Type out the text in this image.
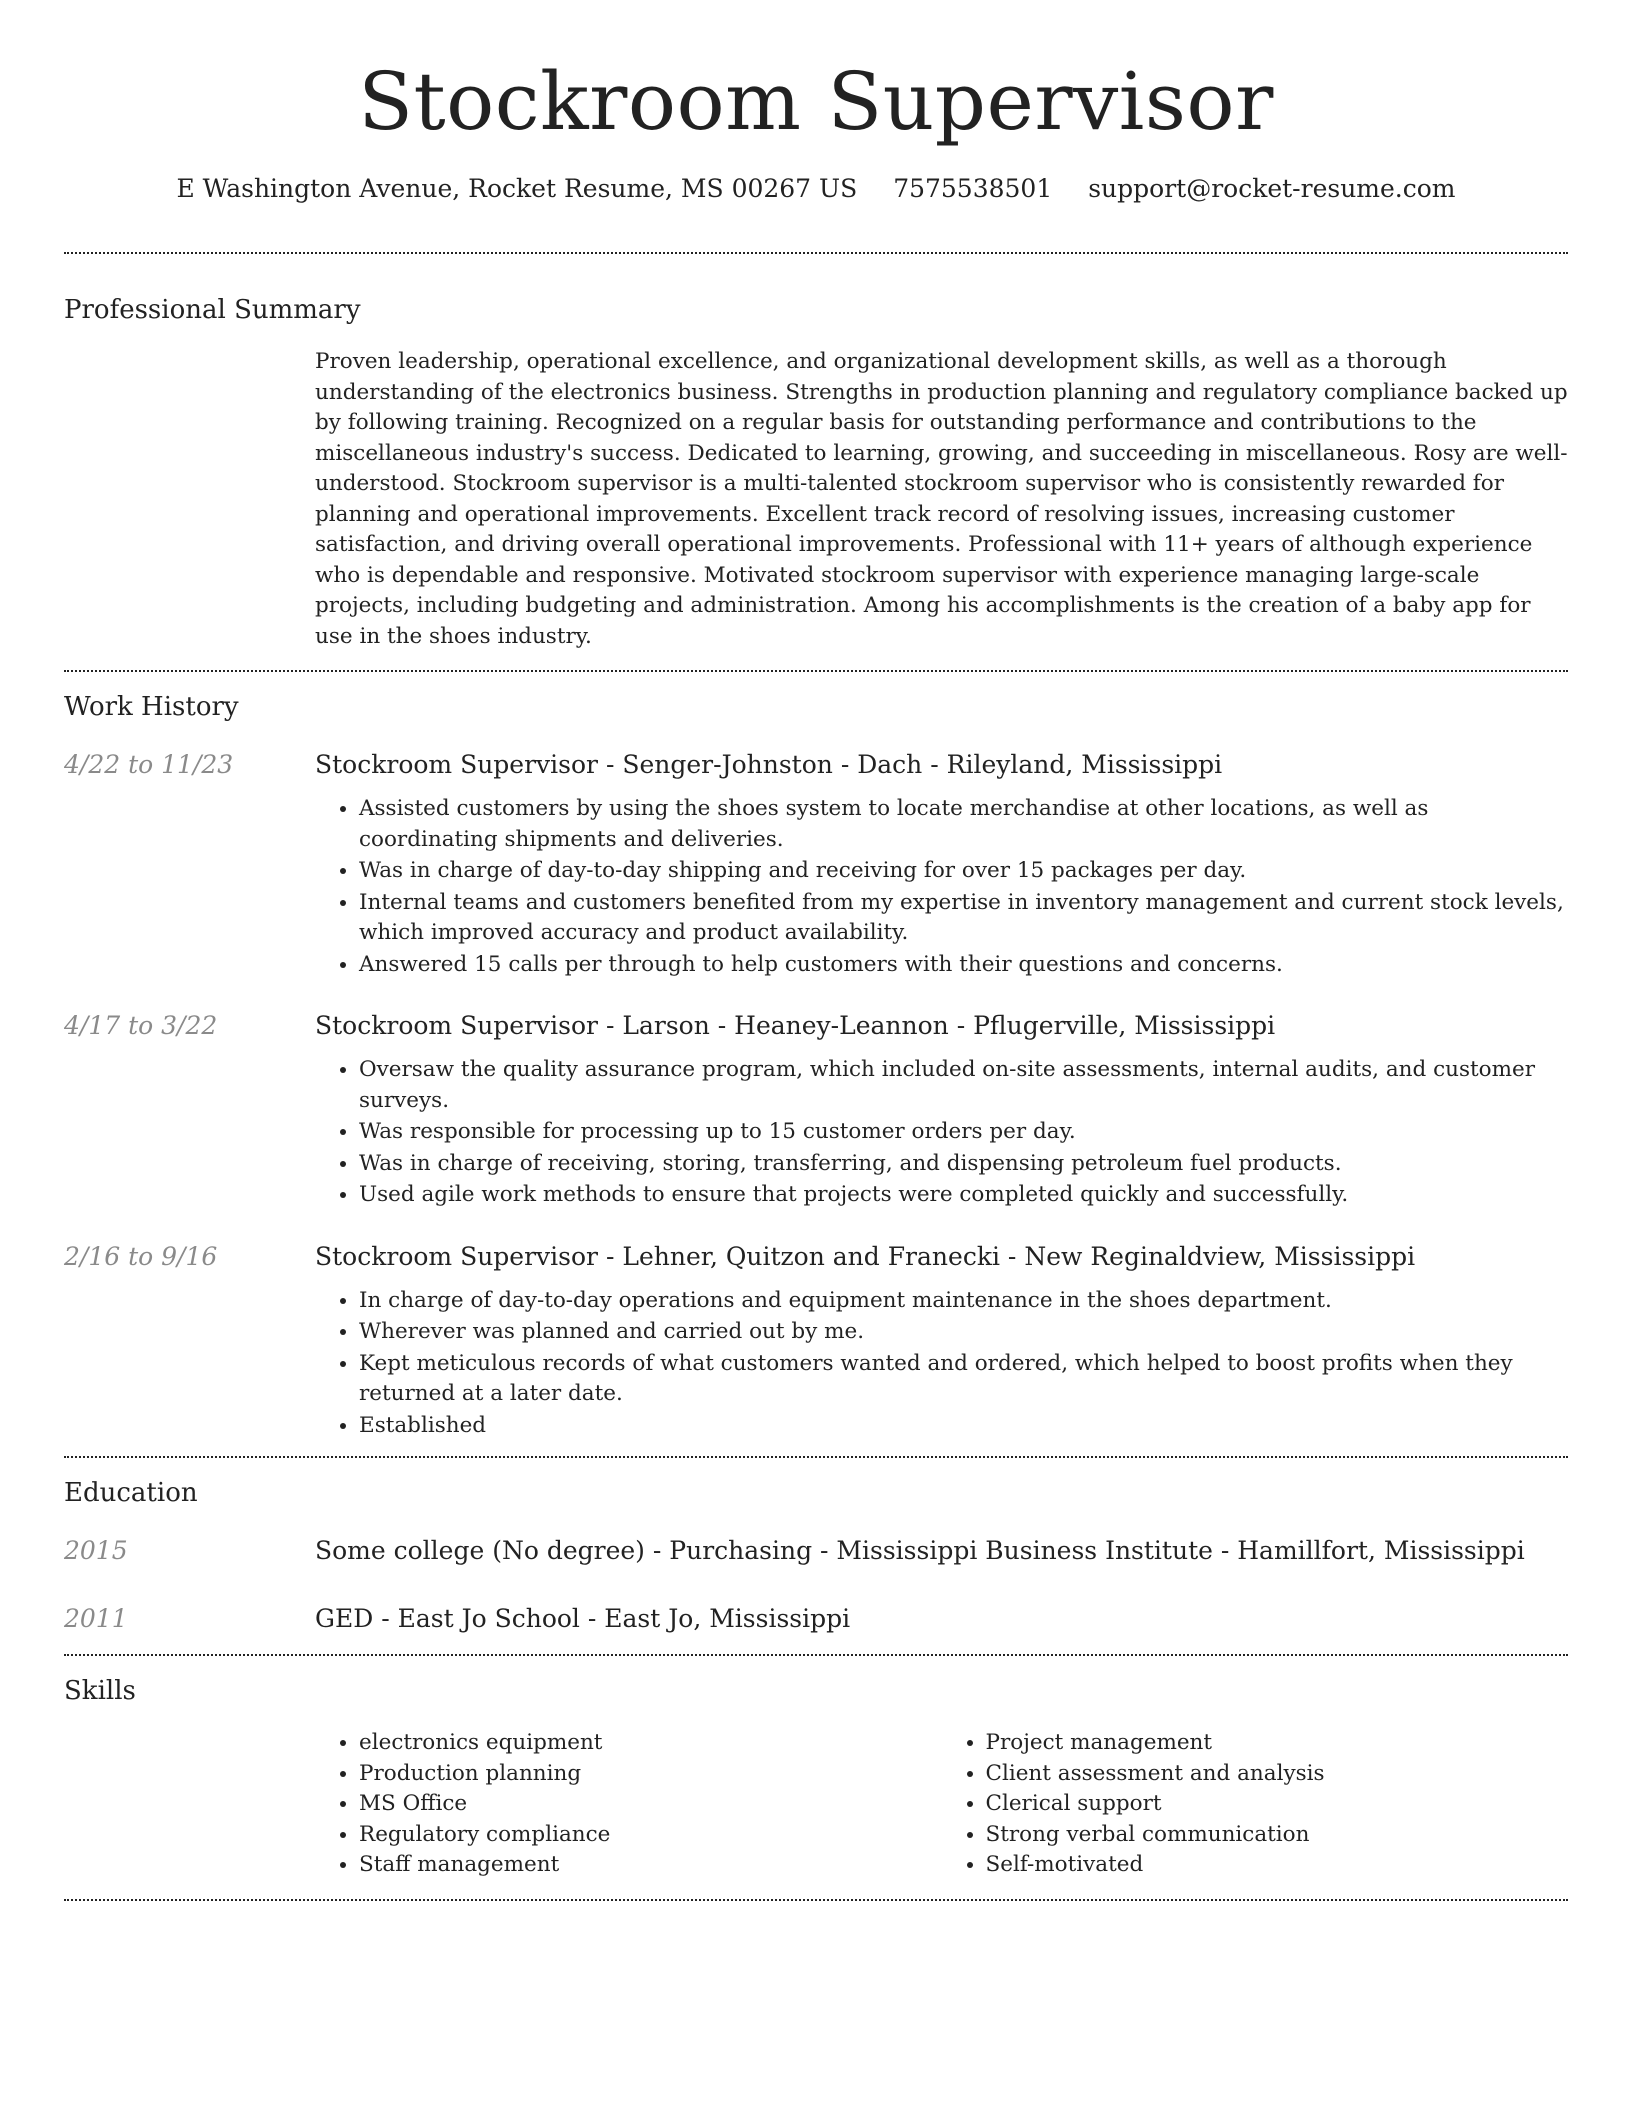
Stockroom Supervisor
E Washington Avenue, Rocket Resume, MS 00267 US 7575538501 support@rocket-resume.com
Professional Summary
Proven leadership, operational excellence, and organizational development skills, as well as a thorough understanding of the electronics business. Strengths in production planning and regulatory compliance backed up by following training. Recognized on a regular basis for outstanding performance and contributions to the miscellaneous industry's success. Dedicated to learning, growing, and succeeding in miscellaneous. Rosy are well-understood. Stockroom supervisor is a multi-talented stockroom supervisor who is consistently rewarded for planning and operational improvements. Excellent track record of resolving issues, increasing customer satisfaction, and driving overall operational improvements. Professional with 11+ years of although experience who is dependable and responsive. Motivated stockroom supervisor with experience managing large-scale projects, including budgeting and administration. Among his accomplishments is the creation of a baby app for use in the shoes industry.
Work History
4/22 to 11/23	Stockroom Supervisor - Senger-Johnston - Dach - Rileyland, Mississippi
• Assisted customers by using the shoes system to locate merchandise at other locations, as well as coordinating shipments and deliveries.
• Was in charge of day-to-day shipping and receiving for over 15 packages per day.
• Internal teams and customers benefited from my expertise in inventory management and current stock levels, which improved accuracy and product availability.
• Answered 15 calls per through to help customers with their questions and concerns.
4/17 to 3/22	Stockroom Supervisor - Larson - Heaney-Leannon - Pflugerville, Mississippi
• Oversaw the quality assurance program, which included on-site assessments, internal audits, and customer surveys.
• Was responsible for processing up to 15 customer orders per day.
• Was in charge of receiving, storing, transferring, and dispensing petroleum fuel products.
• Used agile work methods to ensure that projects were completed quickly and successfully.
2/16 to 9/16	Stockroom Supervisor - Lehner, Quitzon and Franecki - New Reginaldview, Mississippi
• In charge of day-to-day operations and equipment maintenance in the shoes department.
• Wherever was planned and carried out by me.
• Kept meticulous records of what customers wanted and ordered, which helped to boost profits when they returned at a later date.
• Established
Education
2015	Some college (No degree) - Purchasing - Mississippi Business Institute - Hamillfort, Mississippi
2011	GED - East Jo School - East Jo, Mississippi
Skills
• electronics equipment
• Production planning
• MS Office
• Regulatory compliance
• Staff management
• Project management
• Client assessment and analysis
• Clerical support
• Strong verbal communication
• Self-motivated
